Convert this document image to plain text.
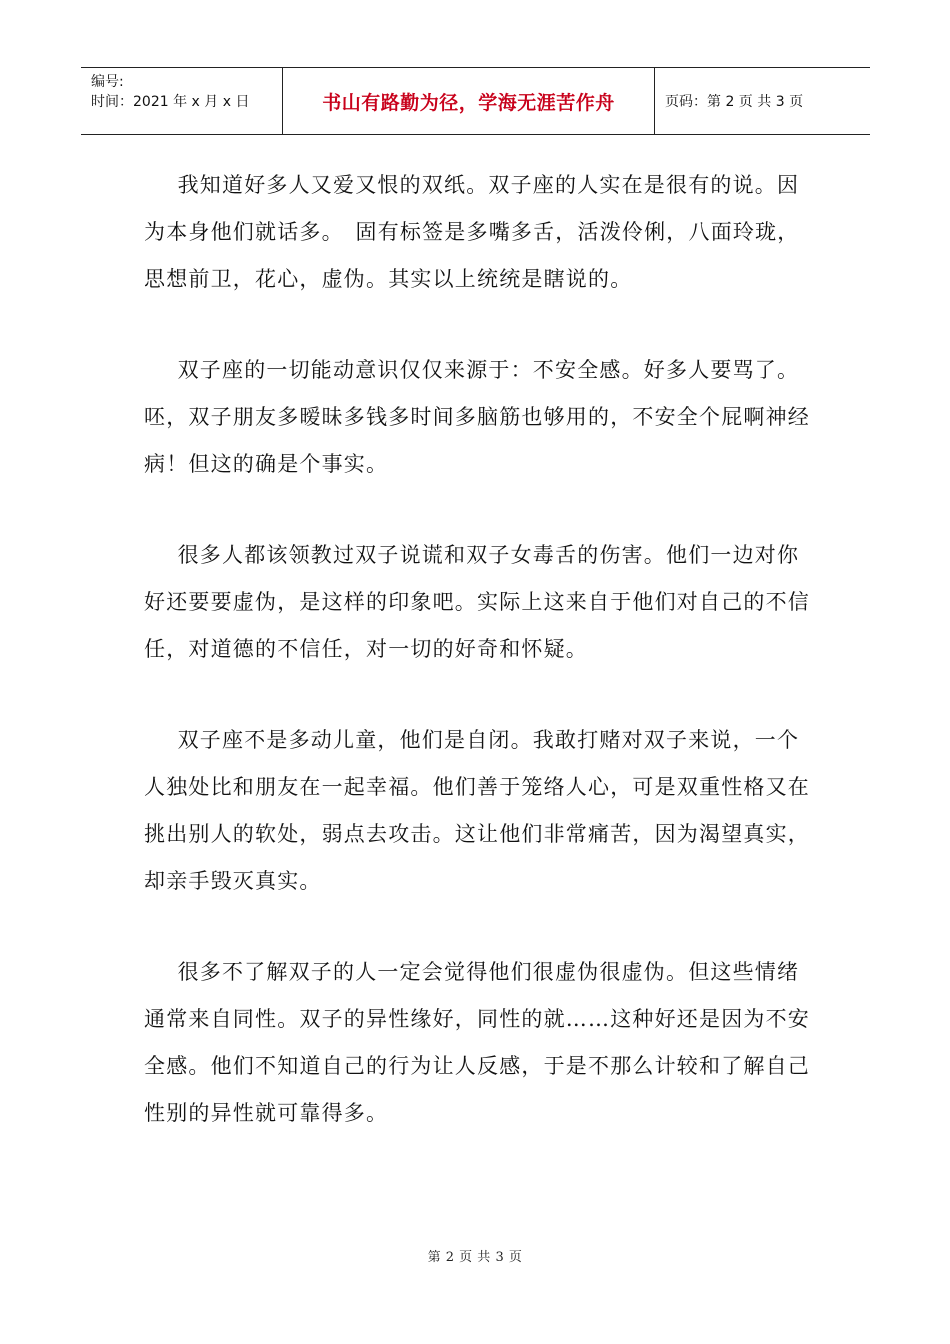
编号:
时间：2021 年 x 月 x 日	书山有路勤为径，学海无涯苦作舟	页码：第 2 页 共 3 页

我知道好多人又爱又恨的双纸。双子座的人实在是很有的说。因为本身他们就话多。　固有标签是多嘴多舌，活泼伶俐，八面玲珑，思想前卫，花心，虚伪。其实以上统统是瞎说的。

双子座的一切能动意识仅仅来源于：不安全感。好多人要骂了。呸，双子朋友多暧昧多钱多时间多脑筋也够用的，不安全个屁啊神经病！但这的确是个事实。

很多人都该领教过双子说谎和双子女毒舌的伤害。他们一边对你好还要要虚伪，是这样的印象吧。实际上这来自于他们对自己的不信任，对道德的不信任，对一切的好奇和怀疑。

双子座不是多动儿童，他们是自闭。我敢打赌对双子来说，一个人独处比和朋友在一起幸福。他们善于笼络人心，可是双重性格又在挑出别人的软处，弱点去攻击。这让他们非常痛苦，因为渴望真实，却亲手毁灭真实。

很多不了解双子的人一定会觉得他们很虚伪很虚伪。但这些情绪通常来自同性。双子的异性缘好，同性的就……这种好还是因为不安全感。他们不知道自己的行为让人反感，于是不那么计较和了解自己性别的异性就可靠得多。

第 2 页 共 3 页
